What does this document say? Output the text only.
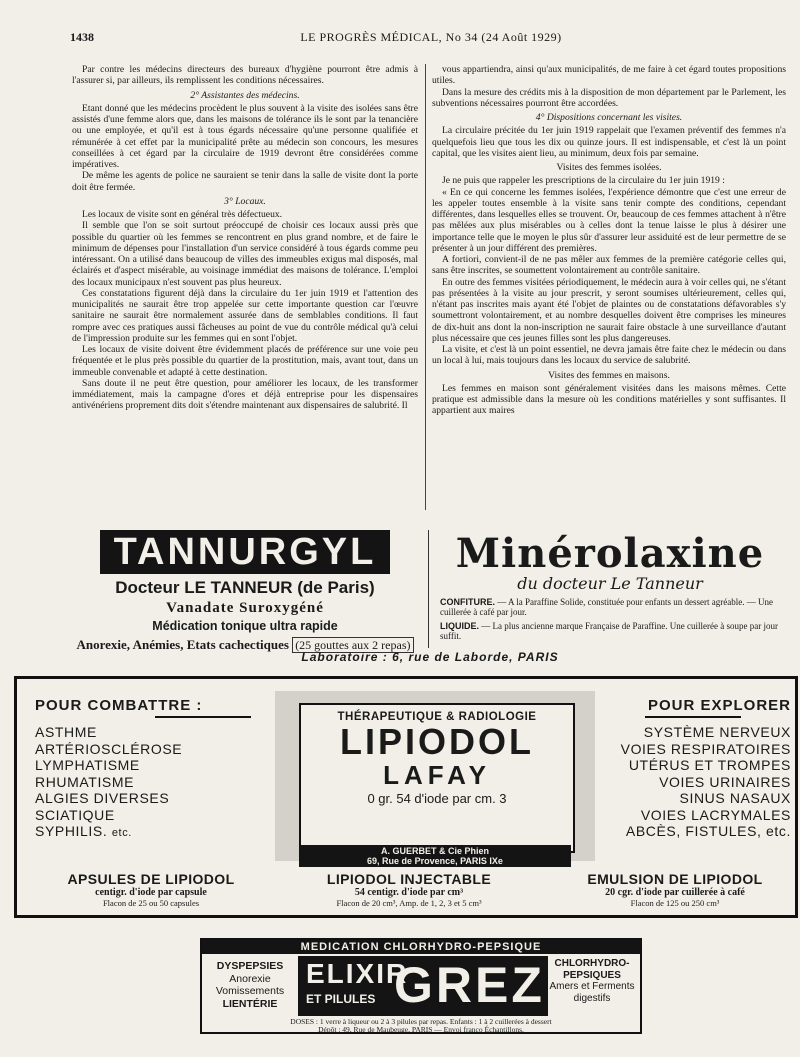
1438	LE PROGRÈS MÉDICAL, No 34 (24 Août 1929)

Par contre les médecins directeurs des bureaux d'hygiène pourront être admis à l'assurer si, par ailleurs, ils remplissent les conditions nécessaires.

2° Assistantes des médecins.

Etant donné que les médecins procèdent le plus souvent à la visite des isolées sans être assistés d'une femme alors que, dans les maisons de tolérance ils le sont par la tenancière ou une employée, et qu'il est à tous égards nécessaire qu'une personne qualifiée et rémunérée à cet effet par la municipalité prête au médecin son concours, les mesures conseillées à cet égard par la circulaire de 1919 devront être considérées comme impératives.

De même les agents de police ne sauraient se tenir dans la salle de visite dont la porte doit être fermée.

3° Locaux.

Les locaux de visite sont en général très défectueux.

Il semble que l'on se soit surtout préoccupé de choisir ces locaux aussi près que possible du quartier où les femmes se rencontrent en plus grand nombre, et de faire le minimum de dépenses pour l'installation d'un service considéré à tous égards comme peu intéressant. On a utilisé dans beaucoup de villes des immeubles exigus mal disposés, mal éclairés et d'aspect misérable, au voisinage immédiat des maisons de tolérance. L'emploi des locaux municipaux n'est souvent pas plus heureux.

Ces constatations figurent déjà dans la circulaire du 1er juin 1919 et l'attention des municipalités ne saurait être trop appelée sur cette importante question car l'œuvre sanitaire ne saurait être normalement assurée dans de semblables conditions. Il faut rompre avec ces pratiques aussi fâcheuses au point de vue du contrôle médical qu'à celui de l'impression produite sur les femmes qui en sont l'objet.

Les locaux de visite doivent être évidemment placés de préférence sur une voie peu fréquentée et le plus près possible du quartier de la prostitution, mais, avant tout, dans un immeuble convenable et adapté à cette destination.

Sans doute il ne peut être question, pour améliorer les locaux, de les transformer immédiatement, mais la campagne d'ores et déjà entreprise pour les dispensaires antivénériens proprement dits doit s'étendre maintenant aux dispensaires de salubrité. Il

vous appartiendra, ainsi qu'aux municipalités, de me faire à cet égard toutes propositions utiles.

Dans la mesure des crédits mis à la disposition de mon département par le Parlement, les subventions nécessaires pourront être accordées.

4° Dispositions concernant les visites.

La circulaire précitée du 1er juin 1919 rappelait que l'examen préventif des femmes n'a quelquefois lieu que tous les dix ou quinze jours. Il est indispensable, et c'est là un point capital, que les visites aient lieu, au minimum, deux fois par semaine.

Visites des femmes isolées.

Je ne puis que rappeler les prescriptions de la circulaire du 1er juin 1919 :

« En ce qui concerne les femmes isolées, l'expérience démontre que c'est une erreur de les appeler toutes ensemble à la visite sans tenir compte des conditions, cependant différentes, dans lesquelles elles se trouvent. Or, beaucoup de ces femmes attachent à n'être pas mêlées aux plus misérables ou à celles dont la tenue laisse le plus à désirer une importance telle que le moyen le plus sûr d'assurer leur assiduité est de leur permettre de se présenter à un jour différent des premières.

A fortiori, convient-il de ne pas mêler aux femmes de la première catégorie celles qui, sans être inscrites, se soumettent volontairement au contrôle sanitaire.

En outre des femmes visitées périodiquement, le médecin aura à voir celles qui, ne s'étant pas présentées à la visite au jour prescrit, y seront soumises ultérieurement, celles qui, n'étant pas inscrites mais ayant été l'objet de plaintes ou de constatations défavorables s'y soumettront volontairement, et au nombre desquelles doivent être comprises les mineures de dix-huit ans dont la non-inscription ne saurait faire obstacle à une surveillance d'autant plus nécessaire que ces jeunes filles sont les plus dangereuses.

La visite, et c'est là un point essentiel, ne devra jamais être faite chez le médecin ou dans un local à lui, mais toujours dans les locaux du service de salubrité.

Visites des femmes en maisons.

Les femmes en maison sont généralement visitées dans les maisons mêmes. Cette pratique est admissible dans la mesure où les conditions matérielles y sont suffisantes. Il appartient aux maires

TANNURGYL
Docteur LE TANNEUR (de Paris)
Vanadate Suroxygéné
Médication tonique ultra rapide
Anorexie, Anémies, Etats cachectiques (25 gouttes aux 2 repas)
Minérolaxine
du docteur Le Tanneur
CONFITURE. — A la Paraffine Solide, constituée pour enfants un dessert agréable. — Une cuillerée à café par jour.
LIQUIDE. — La plus ancienne marque Française de Paraffine. Une cuillerée à soupe par jour suffit.
Laboratoire : 6, rue de Laborde, PARIS
POUR COMBATTRE :
ASTHME
ARTÉRIOSCLÉROSE
LYMPHATISME
RHUMATISME
ALGIES DIVERSES
SCIATIQUE
SYPHILIS. etc.
THÉRAPEUTIQUE & RADIOLOGIE
LIPIODOL
LAFAY
0 gr. 54 d'iode par cm. 3
A. GUERBET & Cie Phien
69, Rue de Provence, PARIS IXe
POUR EXPLORER
SYSTÈME NERVEUX
VOIES RESPIRATOIRES
UTÉRUS ET TROMPES
VOIES URINAIRES
SINUS NASAUX
VOIES LACRYMALES
ABCÈS, FISTULES, etc.
APSULES DE LIPIODOL
centigr. d'iode par capsule
Flacon de 25 ou 50 capsules
LIPIODOL INJECTABLE
54 centigr. d'iode par cm³
Flacon de 20 cm³, Amp. de 1, 2, 3 et 5 cm³
EMULSION DE LIPIODOL
20 cgr. d'iode par cuillerée à café
Flacon de 125 ou 250 cm³
MEDICATION CHLORHYDRO-PEPSIQUE
DYSPEPSIES
Anorexie
Vomissements
LIENTÉRIE
ELIXIR
ET PILULES GREZ CHLORHYDRO-PEPSIQUES
Amers et Ferments digestifs
DOSES : 1 verre à liqueur ou 2 à 3 pilules par repas. Enfants : 1 à 2 cuillerées à dessert
Dépôt : 49, Rue de Maubeuge, PARIS — Envoi franco Échantillons.
